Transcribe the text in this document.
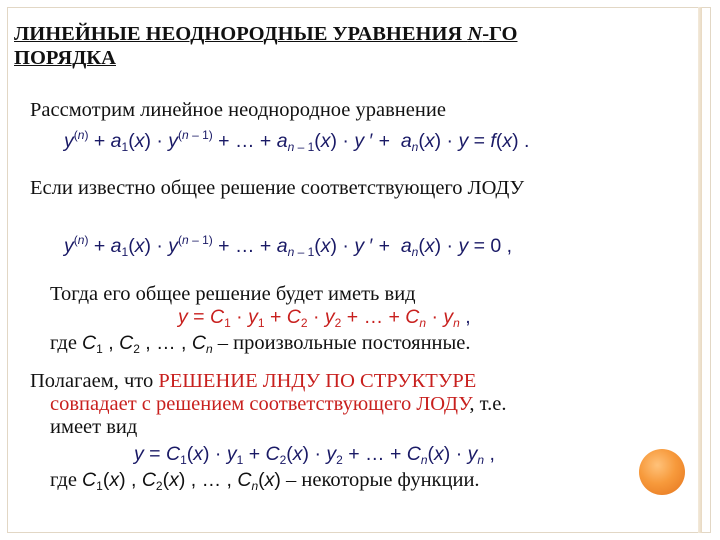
ЛИНЕЙНЫЕ НЕОДНОРОДНЫЕ УРАВНЕНИЯ N-ГО
ПОРЯДКА
Рассмотрим линейное неоднородное уравнение
$y^{(n)} + a_1(x) \cdot y^{(n - 1)}$ + … + $a_{n - 1}(x) \cdot y$ ′ +  $a_n(x) \cdot y = f(x)$ .
Если известно общее решение соответствующего ЛОДУ
$y^{(n)} + a_1(x) \cdot y^{(n - 1)}$ + … + $a_{n - 1}(x) \cdot y$ ′ +  $a_n(x) \cdot y = 0$ ,
Тогда его общее решение будет иметь вид
$y = C_1 \cdot y_1 + C_2 \cdot y_2$ + … + $C_n \cdot y_n$ ,
где $C_1$ , $C_2$ , … , $C_n$ – произвольные постоянные.
Полагаем, что РЕШЕНИЕ ЛНДУ ПО СТРУКТУРЕ
совпадает с решением соответствующего ЛОДУ, т.е.
имеет вид
$y = C_1(x) \cdot y_1 + C_2(x) \cdot y_2$ + … + $C_n(x) \cdot y_n$ ,
где $C_1(x)$ , $C_2(x)$ , … , $C_n(x)$ – некоторые функции.
